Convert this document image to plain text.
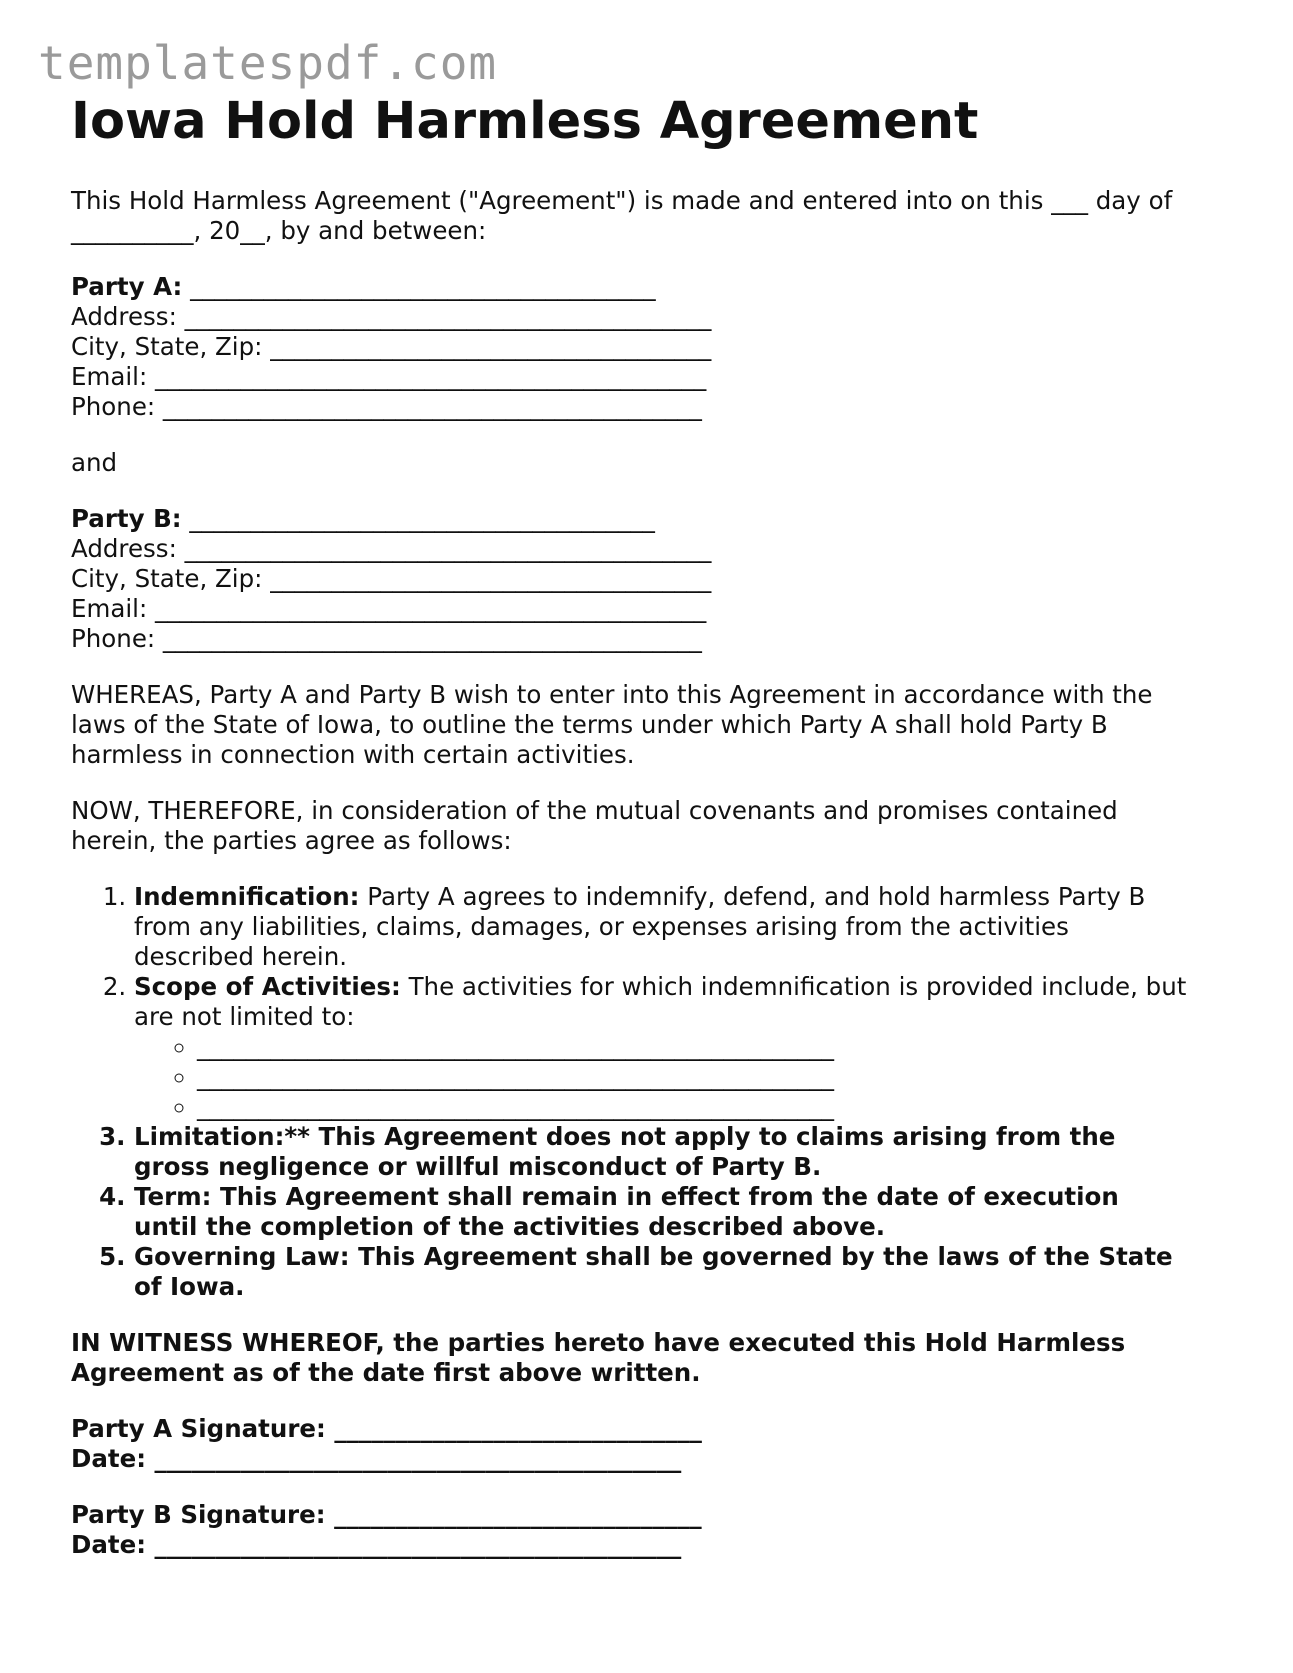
templatespdf.com
Iowa Hold Harmless Agreement
This Hold Harmless Agreement ("Agreement") is made and entered into on this ___ day of
__________, 20__, by and between:
Party A: ______________________________________
Address: ___________________________________________
City, State, Zip: ____________________________________
Email: _____________________________________________
Phone: ____________________________________________

and

Party B: ______________________________________
Address: ___________________________________________
City, State, Zip: ____________________________________
Email: _____________________________________________
Phone: ____________________________________________
WHEREAS, Party A and Party B wish to enter into this Agreement in accordance with the
laws of the State of Iowa, to outline the terms under which Party A shall hold Party B
harmless in connection with certain activities.
NOW, THEREFORE, in consideration of the mutual covenants and promises contained
herein, the parties agree as follows:
1. Indemnification: Party A agrees to indemnify, defend, and hold harmless Party B
from any liabilities, claims, damages, or expenses arising from the activities
described herein.
2. Scope of Activities: The activities for which indemnification is provided include, but
are not limited to:
◦ ____________________________________________________
◦ ____________________________________________________
◦ ____________________________________________________
3. Limitation:** This Agreement does not apply to claims arising from the
gross negligence or willful misconduct of Party B.
4. Term: This Agreement shall remain in effect from the date of execution
until the completion of the activities described above.
5. Governing Law: This Agreement shall be governed by the laws of the State
of Iowa.
IN WITNESS WHEREOF, the parties hereto have executed this Hold Harmless
Agreement as of the date first above written.
Party A Signature: ______________________________
Date: ___________________________________________
Party B Signature: ______________________________
Date: ___________________________________________
